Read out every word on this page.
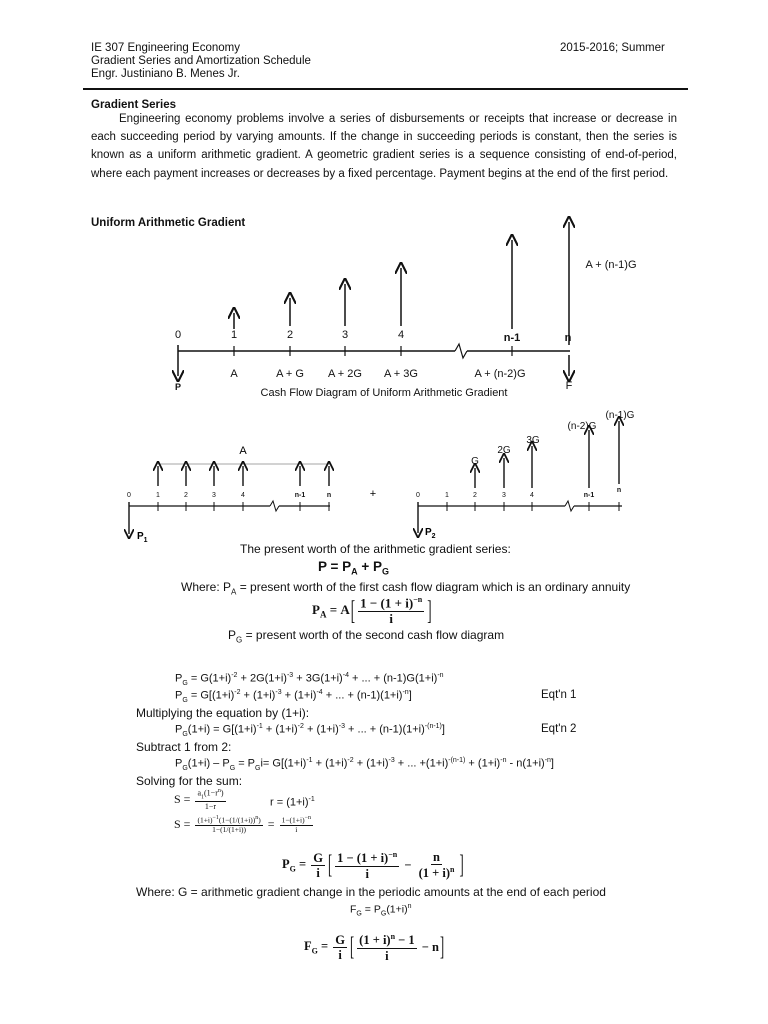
IE 307 Engineering Economy
Gradient Series and Amortization Schedule
Engr. Justiniano B. Menes Jr.
2015-2016; Summer
Gradient Series
Engineering economy problems involve a series of disbursements or receipts that increase or decrease in each succeeding period by varying amounts. If the change in succeeding periods is constant, then the series is known as a uniform arithmetic gradient. A geometric gradient series is a sequence consisting of end-of-period, where each payment increases or decreases by a fixed percentage. Payment begins at the end of the first period.
Uniform Arithmetic Gradient
0	1	2	3	4	n-1	n
A	A + G A + 2G A + 3G	A + (n-2)G
P	F
A + (n-1)G
Cash Flow Diagram of Uniform Arithmetic Gradient
0	1	2	3	4	n-1	n
A
$P_1$
+	0	1	2	3	4	n-1
n
G
2G
3G
(n-2)G
(n-1)G
$P_2$
The present worth of the arithmetic gradient series:
$P = P_A + P_G$
Where: $P_A$ = present worth of the first cash flow diagram which is an ordinary annuity
$P_A = A$ [ $\frac{1 - (1 + i)^{-n}}{i}$ ]
$P_G$ = present worth of the second cash flow diagram
$P_G = G(1+i)^{-2} + 2G(1+i)^{-3} + 3G(1+i)^{-4}$ + ... + $(n-1)G(1+i)^{-n}$
$P_G = G[(1+i)^{-2} + (1+i)^{-3} + (1+i)^{-4}$ + ... + $(n-1)(1+i)^{-n}$]	Eqt'n 1
Multiplying the equation by (1+i):
$P_G(1+i) = G[(1+i)^{-1} + (1+i)^{-2} + (1+i)^{-3}$ + ... + $(n-1)(1+i)^{-(n-1)}$]	Eqt'n 2
Subtract 1 from 2:
$P_G(1+i) - P_G = P_Gi= G[(1+i)^{-1} + (1+i)^{-2} + (1+i)^{-3}$ + ... $+(1+i)^{-(n-1)} + (1+i)^{-n} - n(1+i)^{-n}$]
Solving for the sum:
$S = \frac{a_1(1-r^n)}{1-r}$	$r = (1+i)^{-1}$
$S = \frac{(1+i)^{-1}(1-(1/(1+i))^n)}{1-(1/(1+i))} = \frac{1-(1+i)^{-n}}{i}$
$P_G = \frac{G}{i}$ [ $\frac{1 - (1 + i)^{-n}}{i} - \frac{n}{(1 + i)^n}$ ]
Where: G = arithmetic gradient change in the periodic amounts at the end of each period
$F_G = P_G(1+i)^n$
$F_G = \frac{G}{i}$ [ $\frac{(1 + i)^n - 1}{i} - n$ ]
